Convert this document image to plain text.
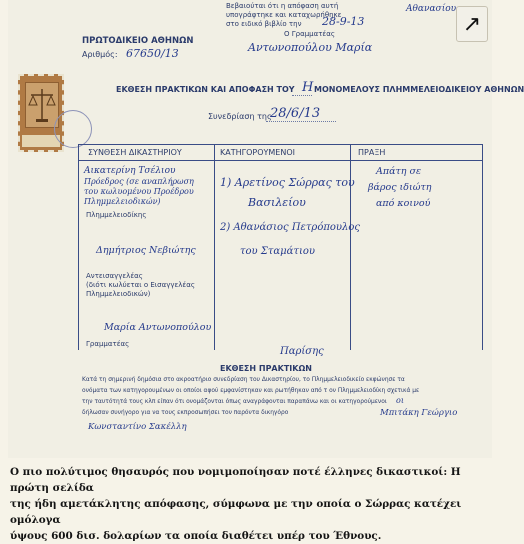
Βεβαιούται ότι η απόφαση αυτή
υπογράφτηκε και καταχωρήθηκε
στο ειδικό βιβλίο την 28-9-13
Ο Γραμματέας
Αντωνοπούλου Μαρία
Αθανασίου
ΠΡΩΤΟΔΙΚΕΙΟ ΑΘΗΝΩΝ
Αριθμός: 67650/13
ΕΚΘΕΣΗ ΠΡΑΚΤΙΚΩΝ ΚΑΙ ΑΠΟΦΑΣΗ ΤΟΥ Η ΜΟΝΟΜΕΛΟΥΣ ΠΛΗΜΜΕΛΕΙΟΔΙΚΕΙΟΥ ΑΘΗΝΩΝ
Συνεδρίαση της
28/6/13
ΣΥΝΘΕΣΗ ΔΙΚΑΣΤΗΡΙΟΥ	ΚΑΤΗΓΟΡΟΥΜΕΝΟΙ	ΠΡΑΞΗ
Αικατερίνη Τσέλιου
Πρόεδρος (σε αναπλήρωση
του κωλυομένου Προέδρου
Πλημμελειοδικών)
Πλημμελειοδίκης
Δημήτριος Νεβιώτης
Αντεισαγγελέας
(διότι κωλύεται ο Εισαγγελέας
Πλημμελειοδικών)
Μαρία Αντωνοπούλου
Γραμματέας
1) Αρετίνος Σώρρας του
Βασιλείου
2) Αθανάσιος Πετρόπουλος
του Σταμάτιου
Απάτη σε
βάρος ιδιώτη
από κοινού
Παρίσης
ΕΚΘΕΣΗ ΠΡΑΚΤΙΚΩΝ
Κατά τη σημερινή δημόσια στο ακροατήριο συνεδρίαση του Δικαστηρίου, το Πλημμελειοδικείο εκφώνησε τα
ονόματα των κατηγορουμένων οι οποίοι αφού εμφανίστηκαν και ρωτήθηκαν από τ ον Πλημμελειοδίκη σχετικά με
την ταυτότητά τους κλπ είπαν ότι ονομάζονται όπως αναγράφονται παραπάνω και οι κατηγορούμενοι
δήλωσαν συνήγορο για να τους εκπροσωπήσει τον παρόντα δικηγόρο
οι
Μπιτάκη Γεώργιο
Κωνσταντίνο Σακέλλη
↗
Ο πιο πολύτιμος θησαυρός που νομιμοποίησαν ποτέ έλληνες δικαστικοί: Η πρώτη σελίδα
της ήδη αμετάκλητης απόφασης, σύμφωνα με την οποία ο Σώρρας κατέχει ομόλογα
ύψους 600 δισ. δολαρίων τα οποία διαθέτει υπέρ του Έθνους.
